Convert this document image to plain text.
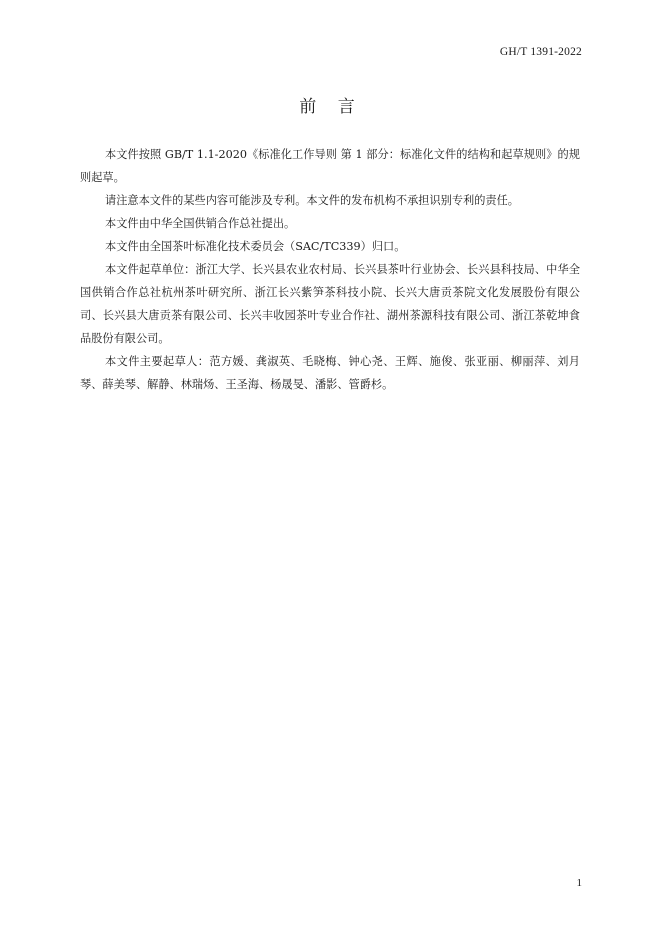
GH/T 1391-2022
前 言

本文件按照 GB/T 1.1-2020《标准化工作导则 第 1 部分：标准化文件的结构和起草规则》的规则起草。

请注意本文件的某些内容可能涉及专利。本文件的发布机构不承担识别专利的责任。

本文件由中华全国供销合作总社提出。

本文件由全国茶叶标准化技术委员会（SAC/TC339）归口。

本文件起草单位：浙江大学、长兴县农业农村局、长兴县茶叶行业协会、长兴县科技局、中华全国供销合作总社杭州茶叶研究所、浙江长兴紫笋茶科技小院、长兴大唐贡茶院文化发展股份有限公司、长兴县大唐贡茶有限公司、长兴丰收园茶叶专业合作社、湖州茶源科技有限公司、浙江茶乾坤食品股份有限公司。

本文件主要起草人：范方媛、龚淑英、毛晓梅、钟心尧、王辉、施俊、张亚丽、柳丽萍、刘月琴、薛美琴、解静、林瑞炀、王圣海、杨晟旻、潘影、管爵杉。

1
